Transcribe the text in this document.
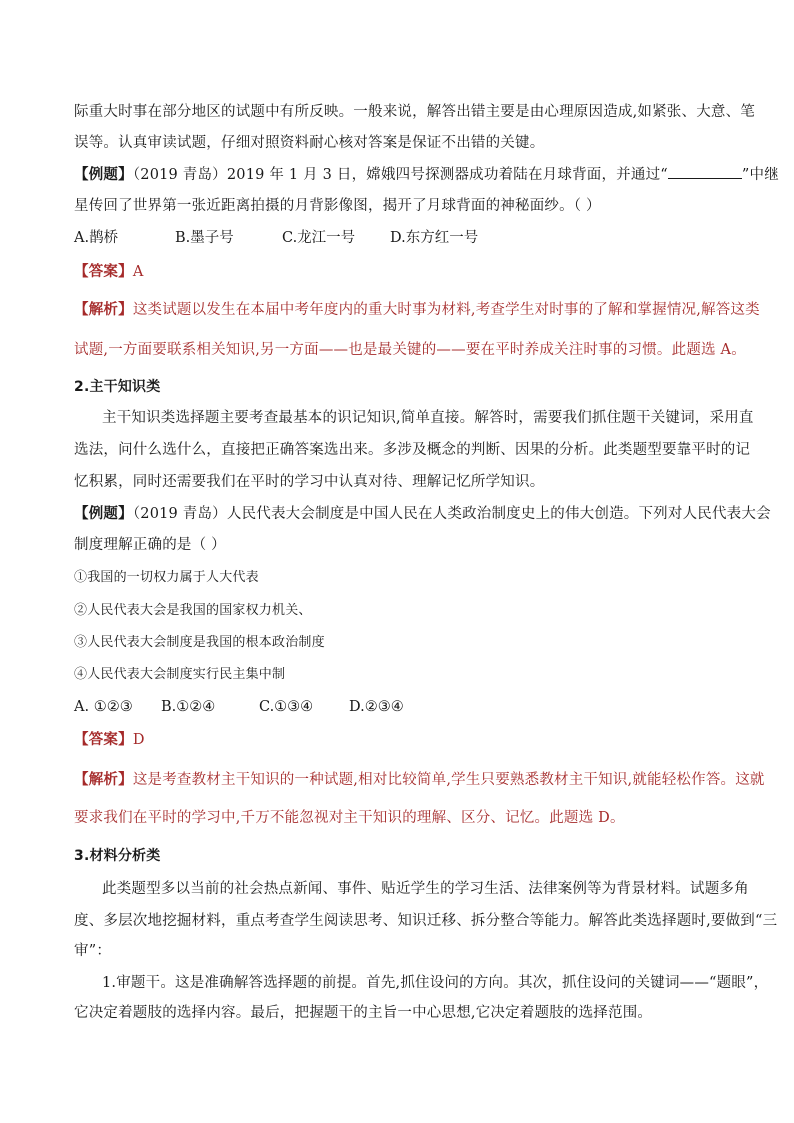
际重大时事在部分地区的试题中有所反映。一般来说，解答出错主要是由心理原因造成,如紧张、大意、笔
误等。认真审读试题，仔细对照资料耐心核对答案是保证不出错的关键。
【例题】（2019 青岛）2019 年 1 月 3 日，嫦娥四号探测器成功着陆在月球背面，并通过“	”中继
星传回了世界第一张近距离拍摄的月背影像图，揭开了月球背面的神秘面纱。（ ）
A.鹊桥	B.墨子号	C.龙江一号 D.东方红一号
【答案】A
【解析】这类试题以发生在本届中考年度内的重大时事为材料,考查学生对时事的了解和掌握情况,解答这类
试题,一方面要联系相关知识,另一方面——也是最关键的——要在平时养成关注时事的习惯。此题选 A。
2.主干知识类
主干知识类选择题主要考查最基本的识记知识,简单直接。解答时，需要我们抓住题干关键词，采用直
选法，问什么选什么，直接把正确答案选出来。多涉及概念的判断、因果的分析。此类题型要靠平时的记
忆积累，同时还需要我们在平时的学习中认真对待、理解记忆所学知识。
【例题】（2019 青岛）人民代表大会制度是中国人民在人类政治制度史上的伟大创造。下列对人民代表大会
制度理解正确的是（ ）
①我国的一切权力属于人大代表
②人民代表大会是我国的国家权力机关、
③人民代表大会制度是我国的根本政治制度
④人民代表大会制度实行民主集中制
A. ①②③ B.①②④	C.①③④ D.②③④
【答案】D
【解析】这是考查教材主干知识的一种试题,相对比较简单,学生只要熟悉教材主干知识,就能轻松作答。这就
要求我们在平时的学习中,千万不能忽视对主干知识的理解、区分、记忆。此题选 D。
3.材料分析类
此类题型多以当前的社会热点新闻、事件、贴近学生的学习生活、法律案例等为背景材料。试题多角
度、多层次地挖掘材料，重点考查学生阅读思考、知识迁移、拆分整合等能力。解答此类选择题时,要做到“三
审”：
1.审题干。这是准确解答选择题的前提。首先,抓住设问的方向。其次，抓住设问的关键词——“题眼”，
它决定着题肢的选择内容。最后，把握题干的主旨一中心思想,它决定着题肢的选择范围。
